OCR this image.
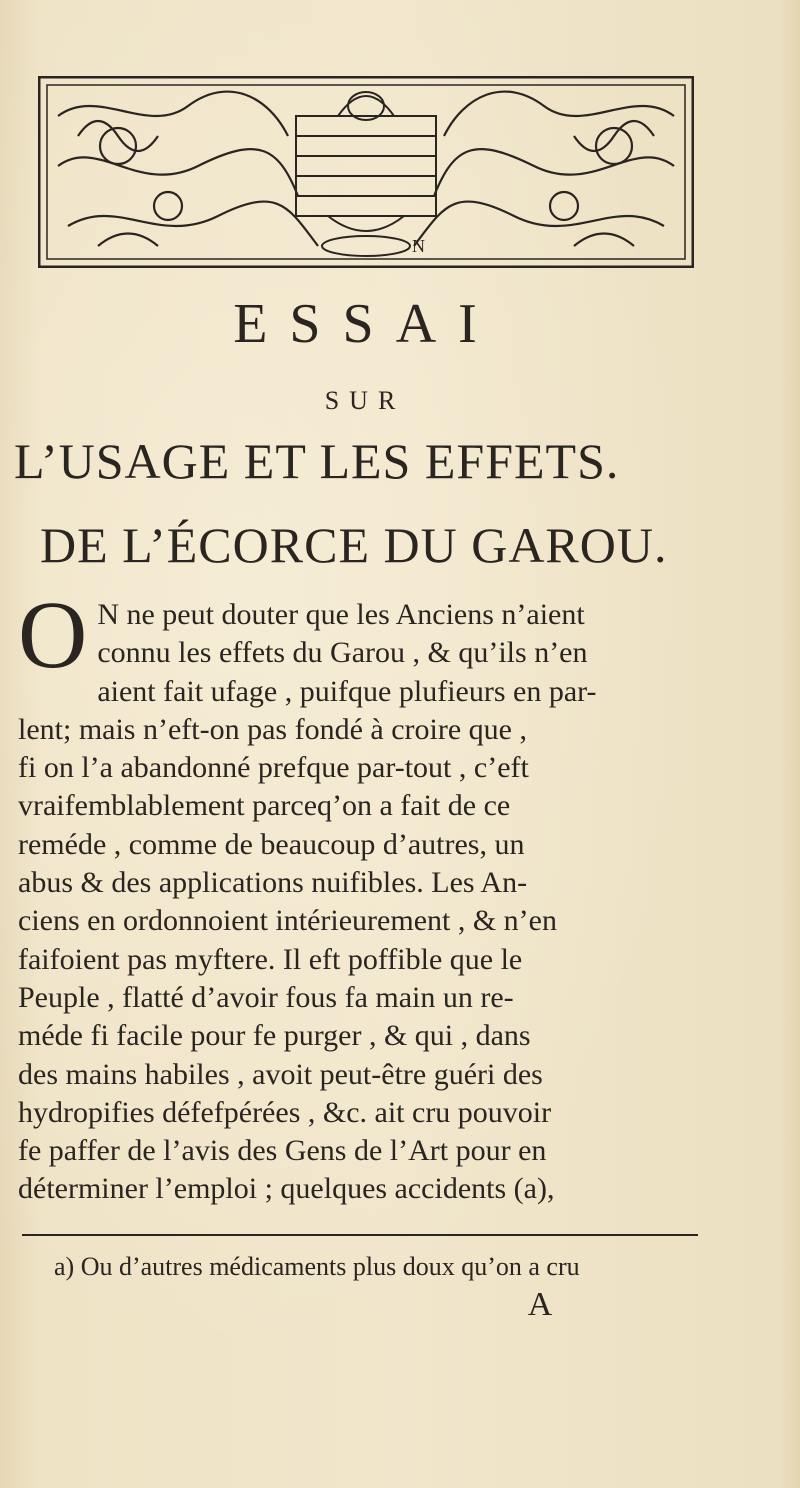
N
ESSAI
SUR
L’USAGE ET LES EFFETS.
DE L’ÉCORCE DU GAROU.
O N ne peut douter que les Anciens n’aient
connu les effets du Garou , & qu’ils n’en
aient fait ufage , puifque plufieurs en par-
lent; mais n’eft-on pas fondé à croire que ,
fi on l’a abandonné prefque par-tout , c’eft
vraifemblablement parceq’on a fait de ce
reméde , comme de beaucoup d’autres, un
abus & des applications nuifibles. Les An-
ciens en ordonnoient intérieurement , & n’en
faifoient pas myftere. Il eft poffible que le
Peuple , flatté d’avoir fous fa main un re-
méde fi facile pour fe purger , & qui , dans
des mains habiles , avoit peut-être guéri des
hydropifies défefpérées , &c. ait cru pouvoir
fe paffer de l’avis des Gens de l’Art pour en
déterminer l’emploi ; quelques accidents (a),
a) Ou d’autres médicaments plus doux qu’on a cru
A
